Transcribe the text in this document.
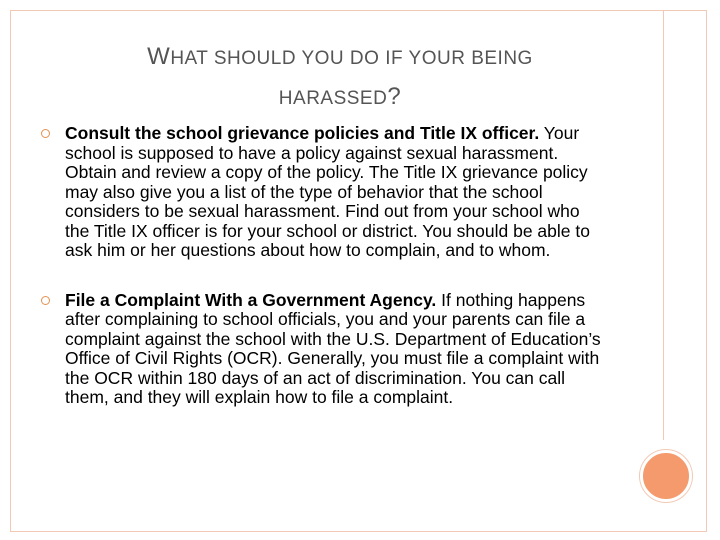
WHAT SHOULD YOU DO IF YOUR BEING
HARASSED?
Consult the school grievance policies and Title IX officer. Your school is supposed to have a policy against sexual harassment. Obtain and review a copy of the policy. The Title IX grievance policy may also give you a list of the type of behavior that the school considers to be sexual harassment. Find out from your school who the Title IX officer is for your school or district. You should be able to ask him or her questions about how to complain, and to whom.
File a Complaint With a Government Agency. If nothing happens after complaining to school officials, you and your parents can file a complaint against the school with the U.S. Department of Education’s Office of Civil Rights (OCR). Generally, you must file a complaint with the OCR within 180 days of an act of discrimination. You can call them, and they will explain how to file a complaint.
